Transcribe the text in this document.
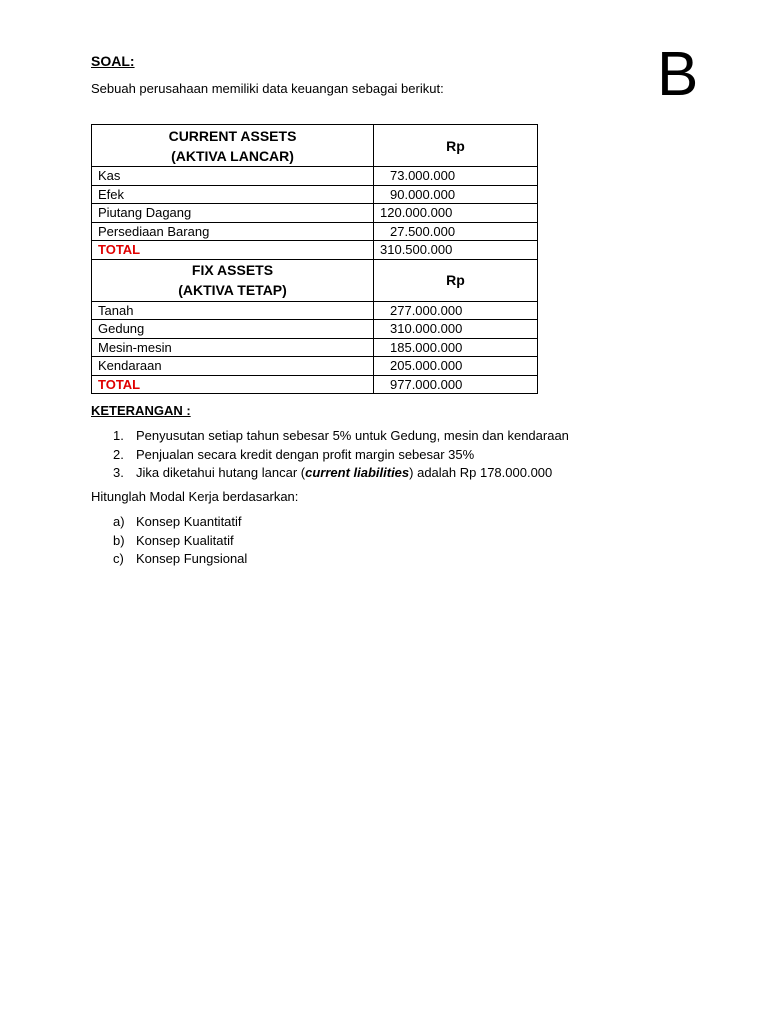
SOAL:	B
Sebuah perusahaan memiliki data keuangan sebagai berikut:
CURRENT ASSETS
(AKTIVA LANCAR)	Rp
Kas	73.000.000
Efek	90.000.000
Piutang Dagang	120.000.000
Persediaan Barang	27.500.000
TOTAL	310.500.000

FIX ASSETS
(AKTIVA TETAP)	Rp
Tanah	277.000.000
Gedung	310.000.000
Mesin-mesin	185.000.000
Kendaraan	205.000.000
TOTAL	977.000.000
KETERANGAN :
1. Penyusutan setiap tahun sebesar 5% untuk Gedung, mesin dan kendaraan
2. Penjualan secara kredit dengan profit margin sebesar 35%
3. Jika diketahui hutang lancar (current liabilities) adalah Rp 178.000.000
Hitunglah Modal Kerja berdasarkan:
a) Konsep Kuantitatif
b) Konsep Kualitatif
c) Konsep Fungsional
